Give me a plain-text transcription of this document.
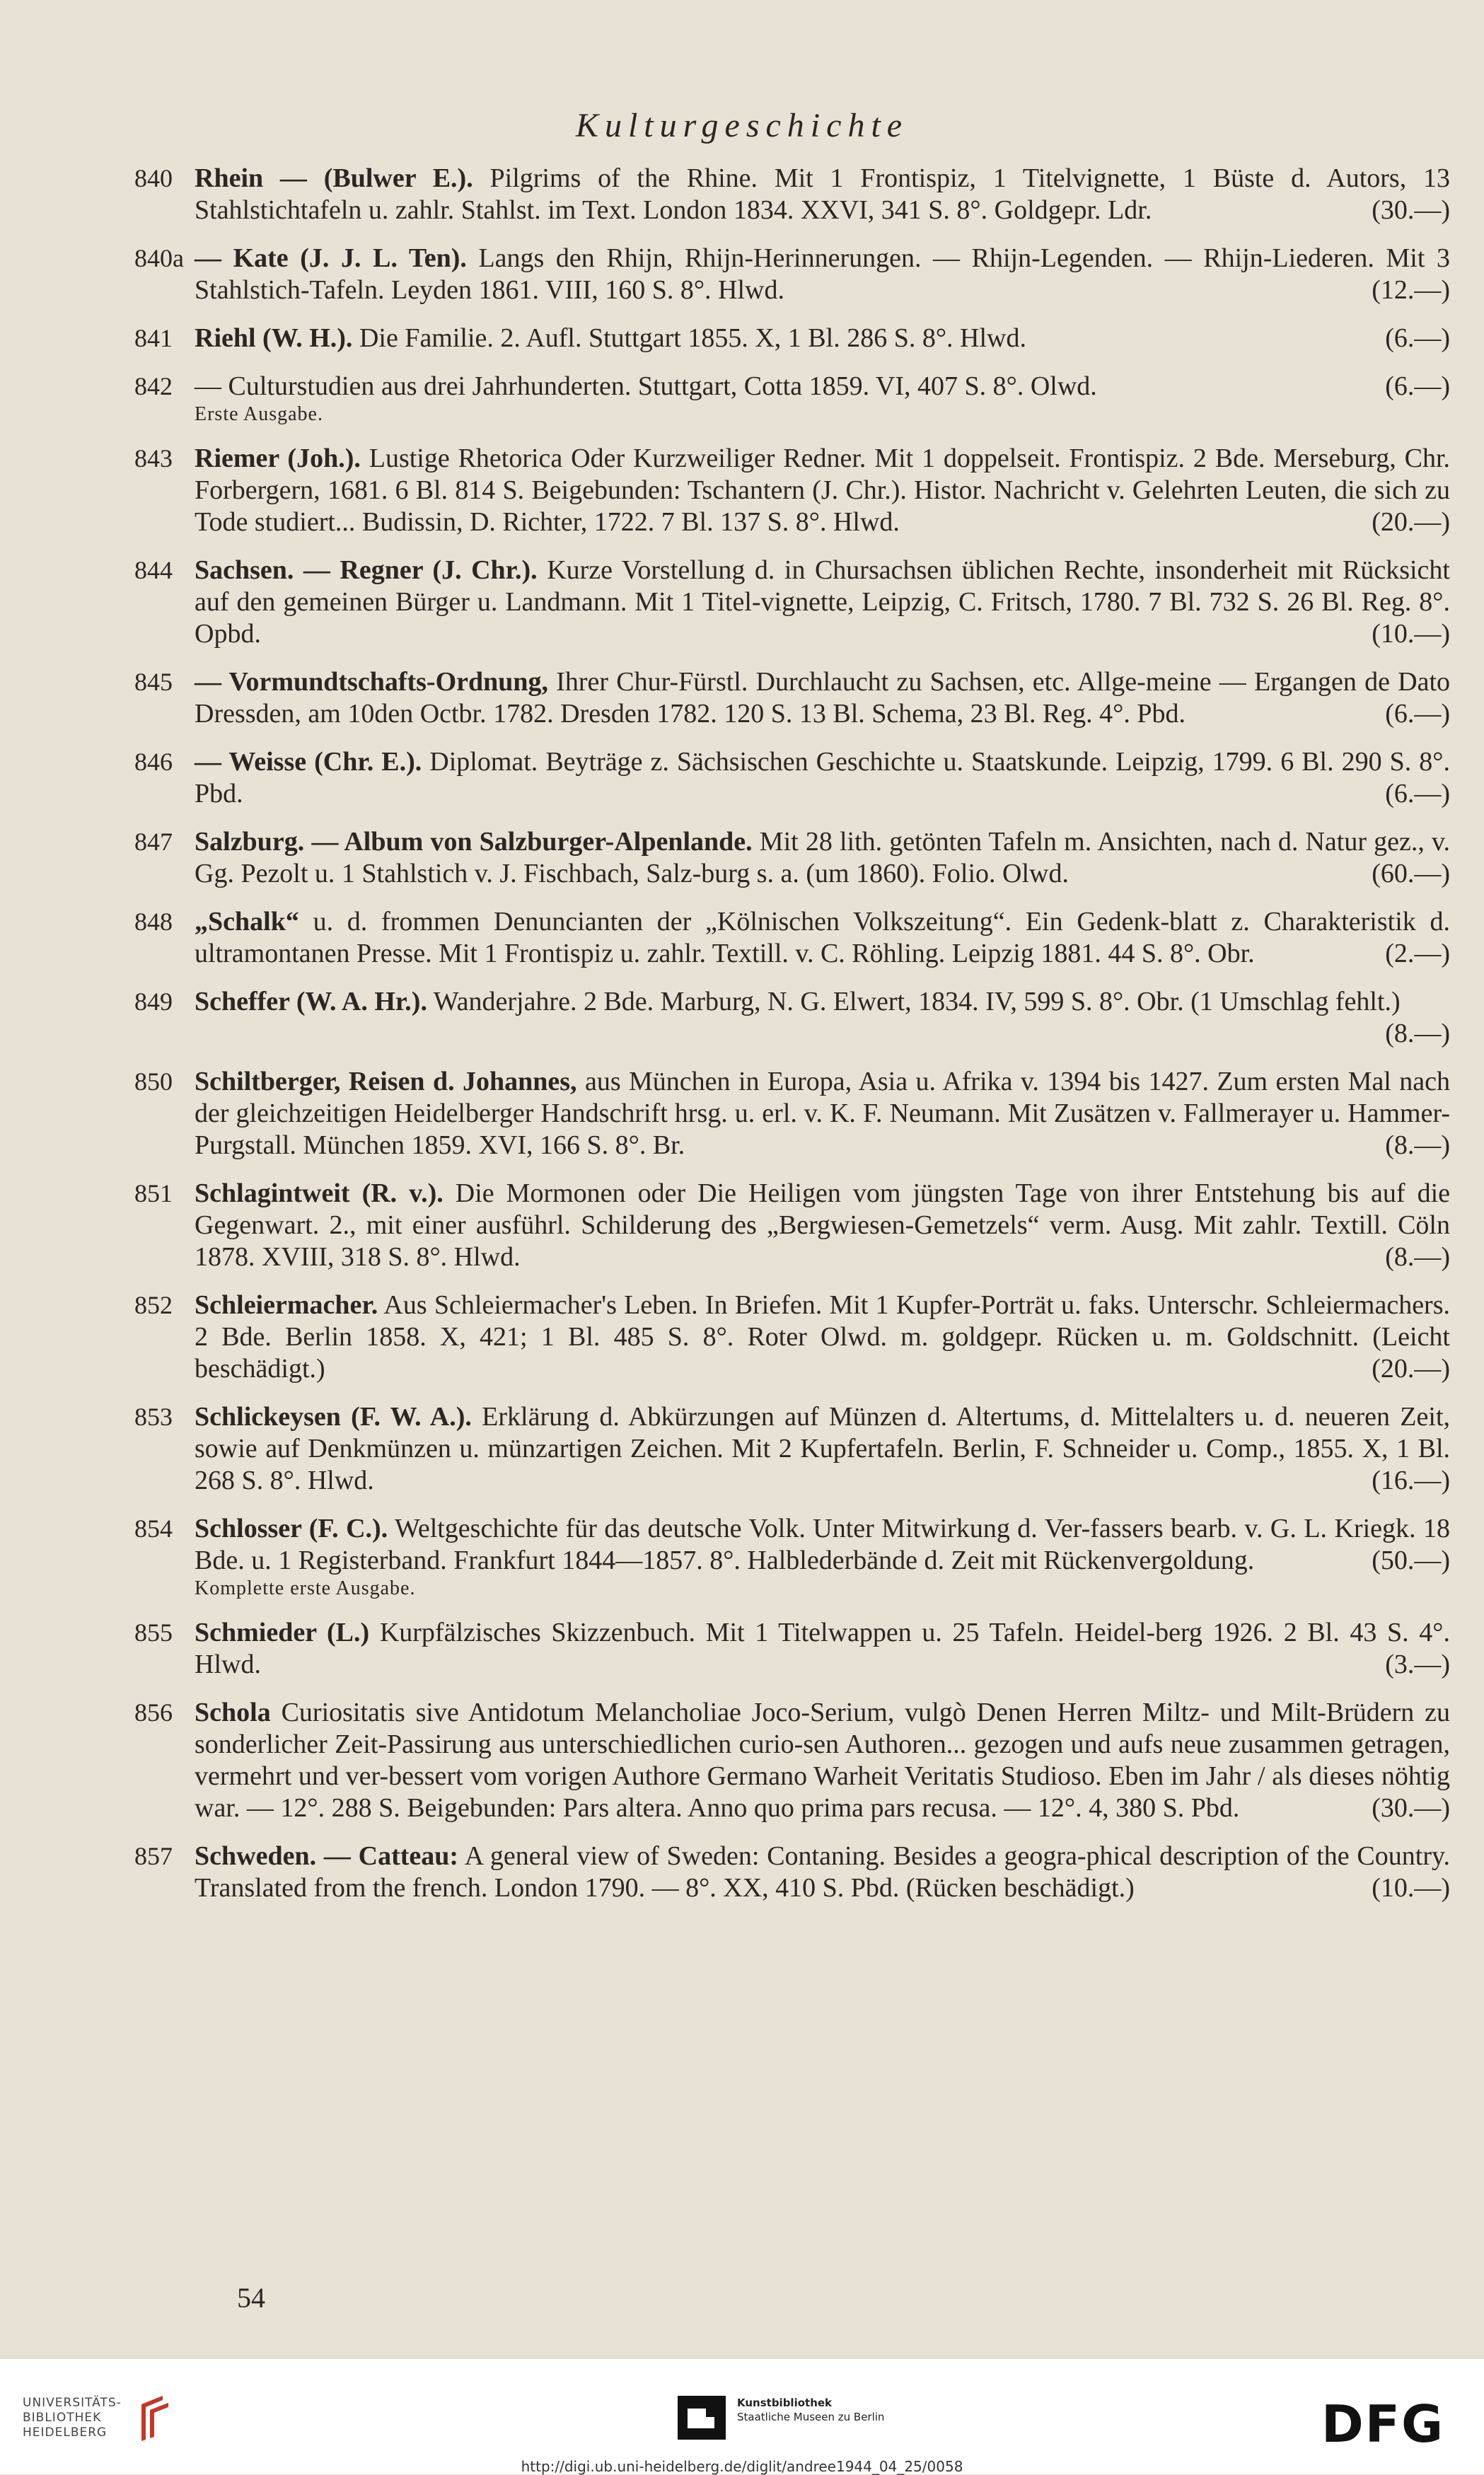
Kulturgeschichte
840 Rhein — (Bulwer E.). Pilgrims of the Rhine. Mit 1 Frontispiz, 1 Titelvignette, 1 Büste d. Autors, 13 Stahlstichtafeln u. zahlr. Stahlst. im Text. London 1834. XXVI, 341 S. 8°. Goldgepr. Ldr.	(30.—)
840a — Kate (J. J. L. Ten). Langs den Rhijn, Rhijn-Herinnerungen. — Rhijn-Legenden. — Rhijn-Liederen. Mit 3 Stahlstich-Tafeln. Leyden 1861. VIII, 160 S. 8°. Hlwd.	(12.—)
841 Riehl (W. H.). Die Familie. 2. Aufl. Stuttgart 1855. X, 1 Bl. 286 S. 8°. Hlwd.	(6.—)
842 — Culturstudien aus drei Jahrhunderten. Stuttgart, Cotta 1859. VI, 407 S. 8°. Olwd.	(6.—)
Erste Ausgabe.
843 Riemer (Joh.). Lustige Rhetorica Oder Kurzweiliger Redner. Mit 1 doppelseit. Frontispiz. 2 Bde. Merseburg, Chr. Forbergern, 1681. 6 Bl. 814 S. Beigebunden: Tschantern (J. Chr.). Histor. Nachricht v. Gelehrten Leuten, die sich zu Tode studiert... Budissin, D. Richter, 1722. 7 Bl. 137 S. 8°. Hlwd.	(20.—)
844 Sachsen. — Regner (J. Chr.). Kurze Vorstellung d. in Chursachsen üblichen Rechte, insonderheit mit Rücksicht auf den gemeinen Bürger u. Landmann. Mit 1 Titel-vignette, Leipzig, C. Fritsch, 1780. 7 Bl. 732 S. 26 Bl. Reg. 8°. Opbd.	(10.—)
845 — Vormundtschafts-Ordnung, Ihrer Chur-Fürstl. Durchlaucht zu Sachsen, etc. Allge-meine — Ergangen de Dato Dressden, am 10den Octbr. 1782. Dresden 1782. 120 S. 13 Bl. Schema, 23 Bl. Reg. 4°. Pbd.	(6.—)
846 — Weisse (Chr. E.). Diplomat. Beyträge z. Sächsischen Geschichte u. Staatskunde. Leipzig, 1799. 6 Bl. 290 S. 8°. Pbd.	(6.—)
847 Salzburg. — Album von Salzburger-Alpenlande. Mit 28 lith. getönten Tafeln m. Ansichten, nach d. Natur gez., v. Gg. Pezolt u. 1 Stahlstich v. J. Fischbach, Salz-burg s. a. (um 1860). Folio. Olwd.	(60.—)
848 „Schalk“ u. d. frommen Denuncianten der „Kölnischen Volkszeitung“. Ein Gedenk-blatt z. Charakteristik d. ultramontanen Presse. Mit 1 Frontispiz u. zahlr. Textill. v. C. Röhling. Leipzig 1881. 44 S. 8°. Obr.	(2.—)
849 Scheffer (W. A. Hr.). Wanderjahre. 2 Bde. Marburg, N. G. Elwert, 1834. IV, 599 S. 8°. Obr. (1 Umschlag fehlt.)
(8.—)
850 Schiltberger, Reisen d. Johannes, aus München in Europa, Asia u. Afrika v. 1394 bis 1427. Zum ersten Mal nach der gleichzeitigen Heidelberger Handschrift hrsg. u. erl. v. K. F. Neumann. Mit Zusätzen v. Fallmerayer u. Hammer-Purgstall. München 1859. XVI, 166 S. 8°. Br.	(8.—)
851 Schlagintweit (R. v.). Die Mormonen oder Die Heiligen vom jüngsten Tage von ihrer Entstehung bis auf die Gegenwart. 2., mit einer ausführl. Schilderung des „Bergwiesen-Gemetzels“ verm. Ausg. Mit zahlr. Textill. Cöln 1878. XVIII, 318 S. 8°. Hlwd.	(8.—)
852 Schleiermacher. Aus Schleiermacher's Leben. In Briefen. Mit 1 Kupfer-Porträt u. faks. Unterschr. Schleiermachers. 2 Bde. Berlin 1858. X, 421; 1 Bl. 485 S. 8°. Roter Olwd. m. goldgepr. Rücken u. m. Goldschnitt. (Leicht beschädigt.)	(20.—)
853 Schlickeysen (F. W. A.). Erklärung d. Abkürzungen auf Münzen d. Altertums, d. Mittelalters u. d. neueren Zeit, sowie auf Denkmünzen u. münzartigen Zeichen. Mit 2 Kupfertafeln. Berlin, F. Schneider u. Comp., 1855. X, 1 Bl. 268 S. 8°. Hlwd.	(16.—)
854 Schlosser (F. C.). Weltgeschichte für das deutsche Volk. Unter Mitwirkung d. Ver-fassers bearb. v. G. L. Kriegk. 18 Bde. u. 1 Registerband. Frankfurt 1844—1857. 8°. Halblederbände d. Zeit mit Rückenvergoldung.	(50.—)
Komplette erste Ausgabe.
855 Schmieder (L.) Kurpfälzisches Skizzenbuch. Mit 1 Titelwappen u. 25 Tafeln. Heidel-berg 1926. 2 Bl. 43 S. 4°. Hlwd.	(3.—)
856 Schola Curiositatis sive Antidotum Melancholiae Joco-Serium, vulgò Denen Herren Miltz- und Milt-Brüdern zu sonderlicher Zeit-Passirung aus unterschiedlichen curio-sen Authoren... gezogen und aufs neue zusammen getragen, vermehrt und ver-bessert vom vorigen Authore Germano Warheit Veritatis Studioso. Eben im Jahr / als dieses nöhtig war. — 12°. 288 S. Beigebunden: Pars altera. Anno quo prima pars recusa. — 12°. 4, 380 S. Pbd.	(30.—)
857 Schweden. — Catteau: A general view of Sweden: Contaning. Besides a geogra-phical description of the Country. Translated from the french. London 1790. — 8°. XX, 410 S. Pbd. (Rücken beschädigt.)	(10.—)
54
UNIVERSITÄTS-
BIBLIOTHEK
HEIDELBERG
Kunstbibliothek
Staatliche Museen zu Berlin	DFG
http://digi.ub.uni-heidelberg.de/diglit/andree1944_04_25/0058
